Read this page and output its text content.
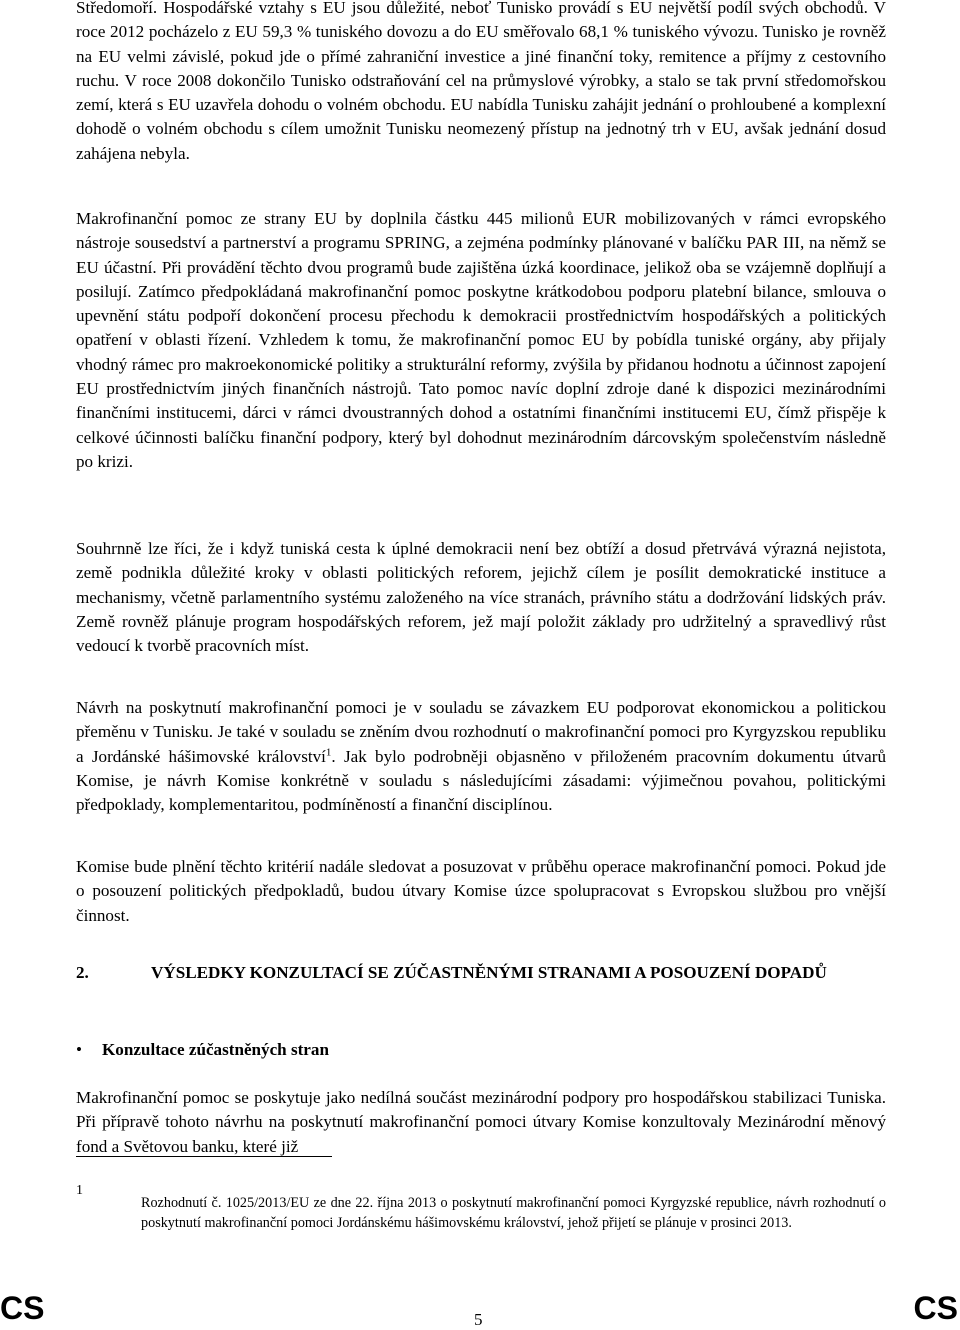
Středomoří. Hospodářské vztahy s EU jsou důležité, neboť Tunisko provádí s EU největší podíl svých obchodů. V roce 2012 pocházelo z EU 59,3 % tuniského dovozu a do EU směřovalo 68,1 % tuniského vývozu. Tunisko je rovněž na EU velmi závislé, pokud jde o přímé zahraniční investice a jiné finanční toky, remitence a příjmy z cestovního ruchu. V roce 2008 dokončilo Tunisko odstraňování cel na průmyslové výrobky, a stalo se tak první středomořskou zemí, která s EU uzavřela dohodu o volném obchodu. EU nabídla Tunisku zahájit jednání o prohloubené a komplexní dohodě o volném obchodu s cílem umožnit Tunisku neomezený přístup na jednotný trh v EU, avšak jednání dosud zahájena nebyla.

Makrofinanční pomoc ze strany EU by doplnila částku 445 milionů EUR mobilizovaných v rámci evropského nástroje sousedství a partnerství a programu SPRING, a zejména podmínky plánované v balíčku PAR III, na němž se EU účastní. Při provádění těchto dvou programů bude zajištěna úzká koordinace, jelikož oba se vzájemně doplňují a posilují. Zatímco předpokládaná makrofinanční pomoc poskytne krátkodobou podporu platební bilance, smlouva o upevnění státu podpoří dokončení procesu přechodu k demokracii prostřednictvím hospodářských a politických opatření v oblasti řízení. Vzhledem k tomu, že makrofinanční pomoc EU by pobídla tuniské orgány, aby přijaly vhodný rámec pro makroekonomické politiky a strukturální reformy, zvýšila by přidanou hodnotu a účinnost zapojení EU prostřednictvím jiných finančních nástrojů. Tato pomoc navíc doplní zdroje dané k dispozici mezinárodními finančními institucemi, dárci v rámci dvoustranných dohod a ostatními finančními institucemi EU, čímž přispěje k celkové účinnosti balíčku finanční podpory, který byl dohodnut mezinárodním dárcovským společenstvím následně po krizi.

Souhrnně lze říci, že i když tuniská cesta k úplné demokracii není bez obtíží a dosud přetrvává výrazná nejistota, země podnikla důležité kroky v oblasti politických reforem, jejichž cílem je posílit demokratické instituce a mechanismy, včetně parlamentního systému založeného na více stranách, právního státu a dodržování lidských práv. Země rovněž plánuje program hospodářských reforem, jež mají položit základy pro udržitelný a spravedlivý růst vedoucí k tvorbě pracovních míst.

Návrh na poskytnutí makrofinanční pomoci je v souladu se závazkem EU podporovat ekonomickou a politickou přeměnu v Tunisku. Je také v souladu se zněním dvou rozhodnutí o makrofinanční pomoci pro Kyrgyzskou republiku a Jordánské hášimovské království$^1$. Jak bylo podrobněji objasněno v přiloženém pracovním dokumentu útvarů Komise, je návrh Komise konkrétně v souladu s následujícími zásadami: výjimečnou povahou, politickými předpoklady, komplementaritou, podmíněností a finanční disciplínou.

Komise bude plnění těchto kritérií nadále sledovat a posuzovat v průběhu operace makrofinanční pomoci. Pokud jde o posouzení politických předpokladů, budou útvary Komise úzce spolupracovat s Evropskou službou pro vnější činnost.

2.	VÝSLEDKY KONZULTACÍ SE ZÚČASTNĚNÝMI STRANAMI A POSOUZENÍ DOPADŮ
• Konzultace zúčastněných stran

Makrofinanční pomoc se poskytuje jako nedílná součást mezinárodní podpory pro hospodářskou stabilizaci Tuniska. Při přípravě tohoto návrhu na poskytnutí makrofinanční pomoci útvary Komise konzultovaly Mezinárodní měnový fond a Světovou banku, které již

1
Rozhodnutí č. 1025/2013/EU ze dne 22. října 2013 o poskytnutí makrofinanční pomoci Kyrgyzské republice, návrh rozhodnutí o poskytnutí makrofinanční pomoci Jordánskému hášimovskému království, jehož přijetí se plánuje v prosinci 2013.
CS	5	CS
